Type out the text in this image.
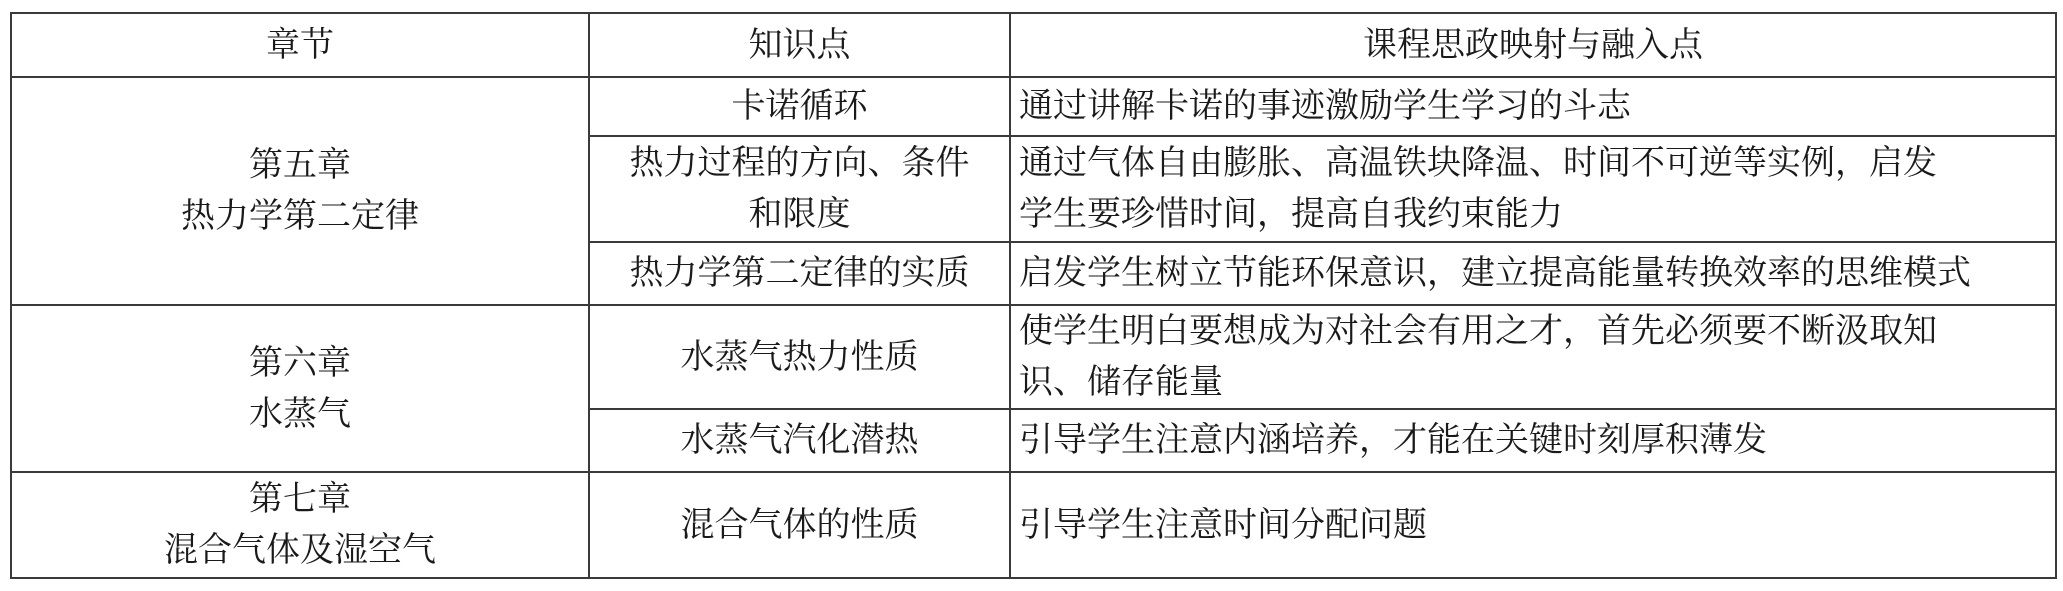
章节	知识点	课程思政映射与融入点

第五章
热力学第二定律	卡诺循环	通过讲解卡诺的事迹激励学生学习的斗志

	热力过程的方向、条件
和限度	通过气体自由膨胀、高温铁块降温、时间不可逆等实例，启发
学生要珍惜时间，提高自我约束能力

	热力学第二定律的实质	启发学生树立节能环保意识，建立提高能量转换效率的思维模式

第六章
水蒸气	水蒸气热力性质	使学生明白要想成为对社会有用之才，首先必须要不断汲取知
识、储存能量

	水蒸气汽化潜热	引导学生注意内涵培养，才能在关键时刻厚积薄发

第七章
混合气体及湿空气	混合气体的性质	引导学生注意时间分配问题
